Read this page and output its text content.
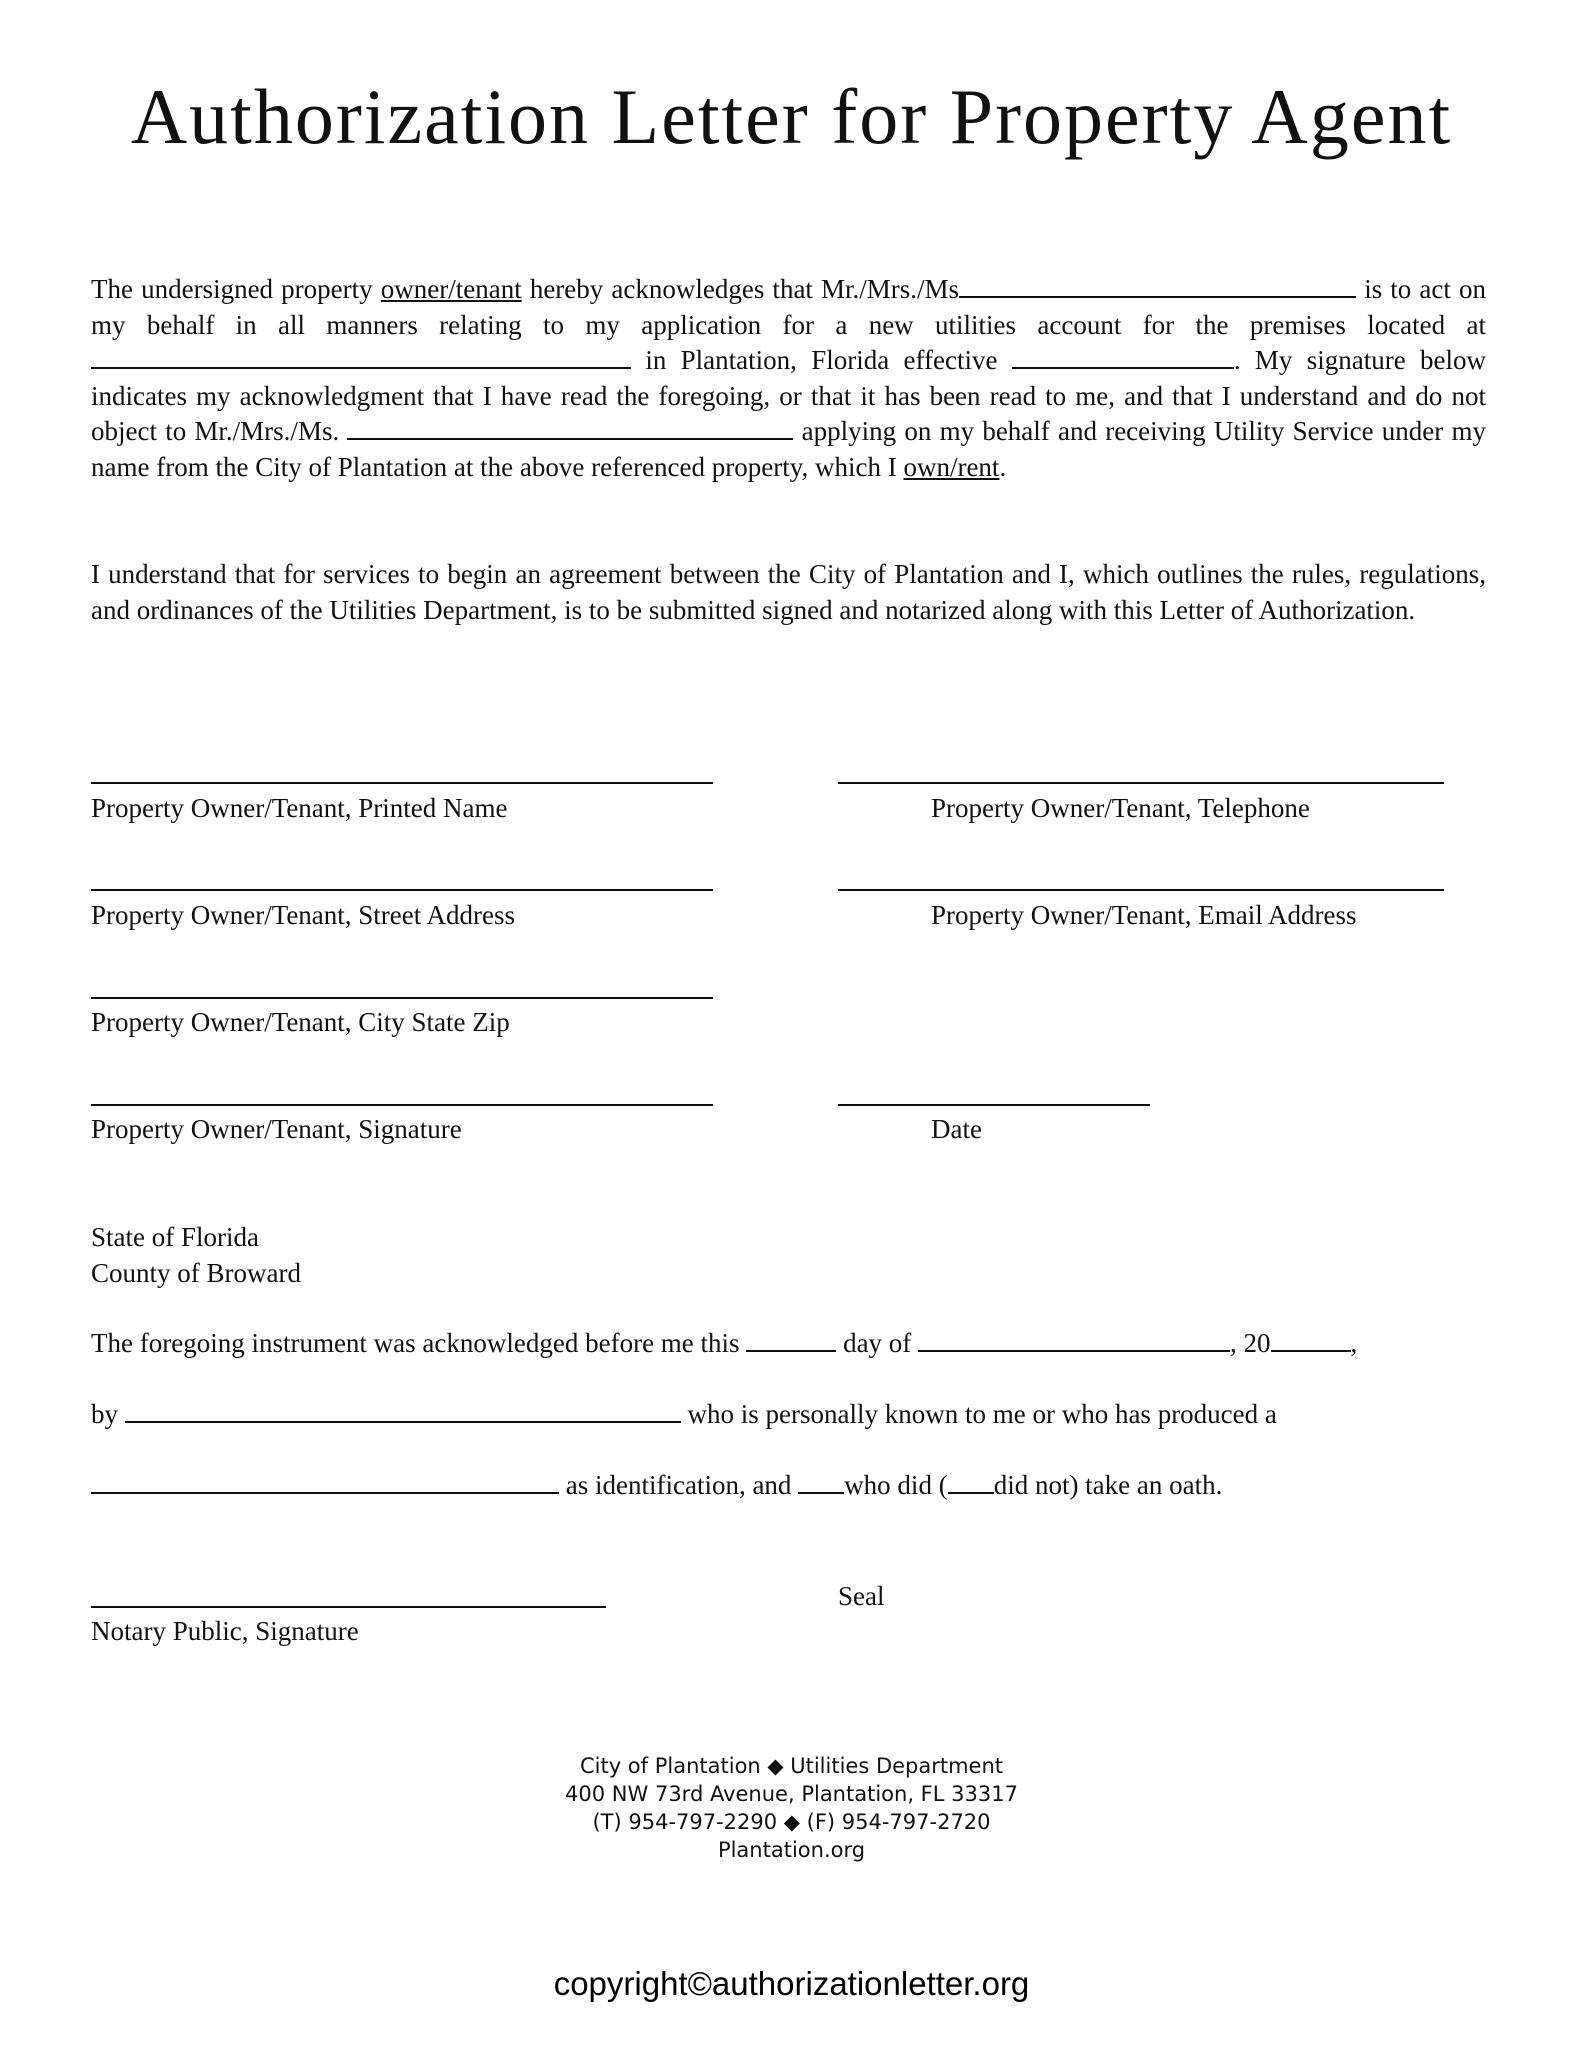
Authorization Letter for Property Agent
The undersigned property owner/tenant hereby acknowledges that Mr./Mrs./Ms	is to act on my behalf in all manners relating to my application for a new utilities account for the premises located at  in Plantation, Florida effective	. My signature below indicates my acknowledgment that I have read the foregoing, or that it has been read to me, and that I understand and do not object to Mr./Mrs./Ms.	applying on my behalf and receiving Utility Service under my name from the City of Plantation at the above referenced property, which I own/rent.
I understand that for services to begin an agreement between the City of Plantation and I, which outlines the rules, regulations, and ordinances of the Utilities Department, is to be submitted signed and notarized along with this Letter of Authorization.
Property Owner/Tenant, Printed Name	Property Owner/Tenant, Telephone
Property Owner/Tenant, Street Address	Property Owner/Tenant, Email Address
Property Owner/Tenant, City State Zip
Property Owner/Tenant, Signature	Date
State of Florida
County of Broward
The foregoing instrument was acknowledged before me this	day of	, 20	,
by	who is personally known to me or who has produced a
as identification, and who did ( did not) take an oath.
Seal
Notary Public, Signature
City of Plantation ◆ Utilities Department
400 NW 73rd Avenue, Plantation, FL 33317
(T) 954-797-2290 ◆ (F) 954-797-2720
Plantation.org
copyright©authorizationletter.org
